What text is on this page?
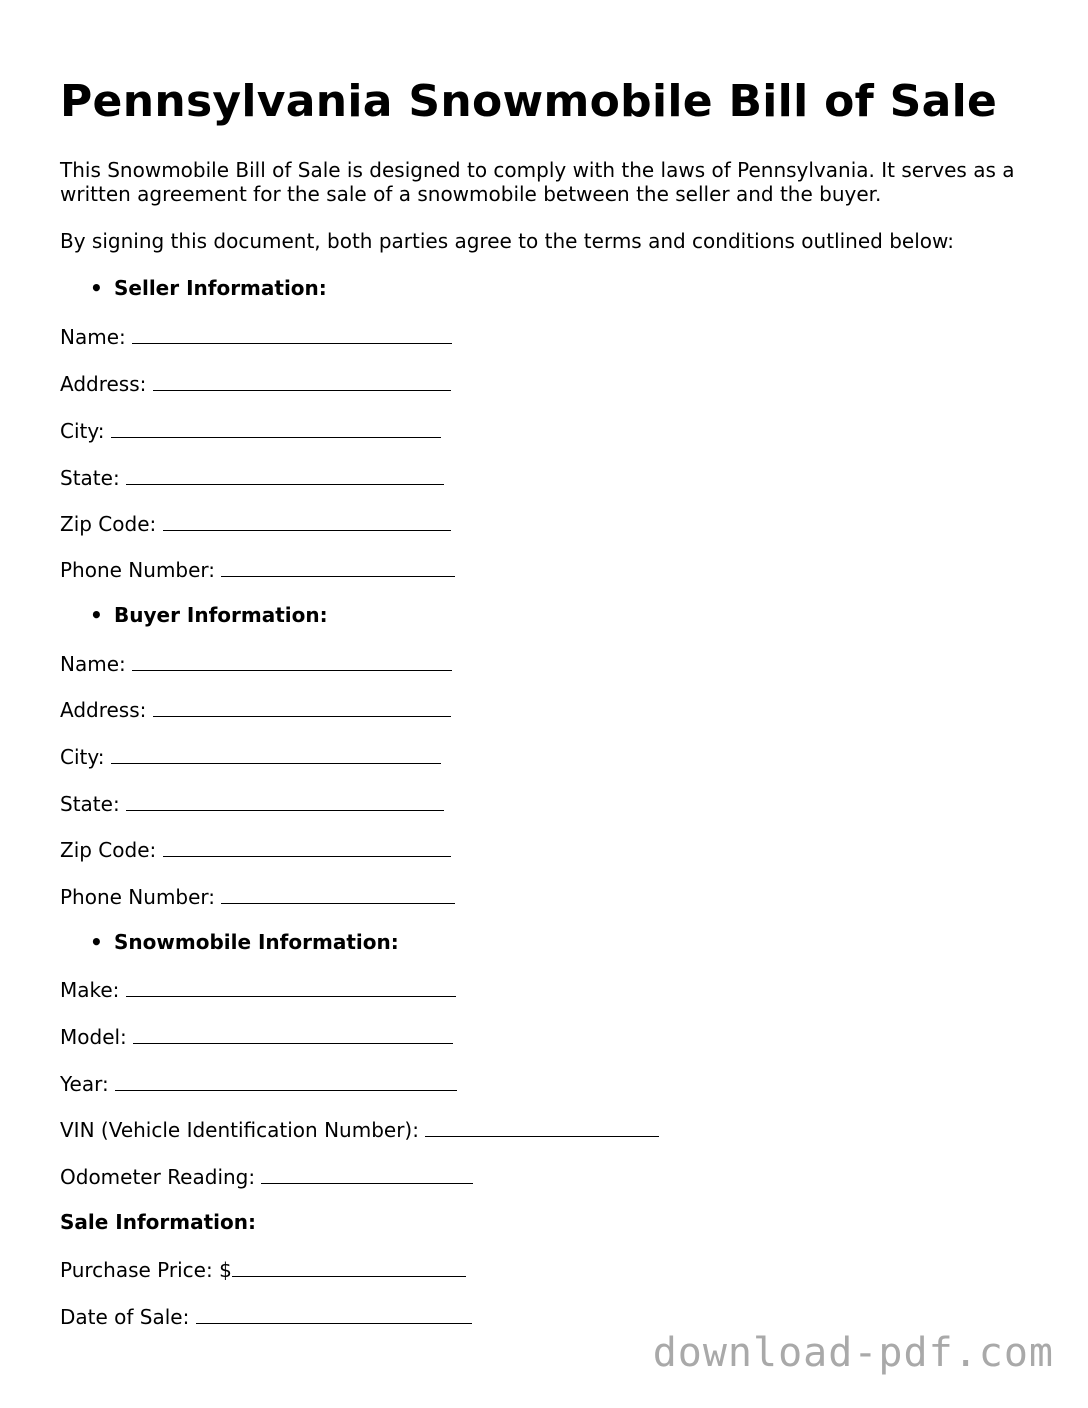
Pennsylvania Snowmobile Bill of Sale

This Snowmobile Bill of Sale is designed to comply with the laws of Pennsylvania. It serves as a written agreement for the sale of a snowmobile between the seller and the buyer.

By signing this document, both parties agree to the terms and conditions outlined below:

• Seller Information:
Name:
Address:
City:
State:
Zip Code:
Phone Number:
• Buyer Information:
Name:
Address:
City:
State:
Zip Code:
Phone Number:
• Snowmobile Information:
Make:
Model:
Year:
VIN (Vehicle Identification Number):
Odometer Reading:
Sale Information:
Purchase Price: $
Date of Sale:
download-pdf.com
